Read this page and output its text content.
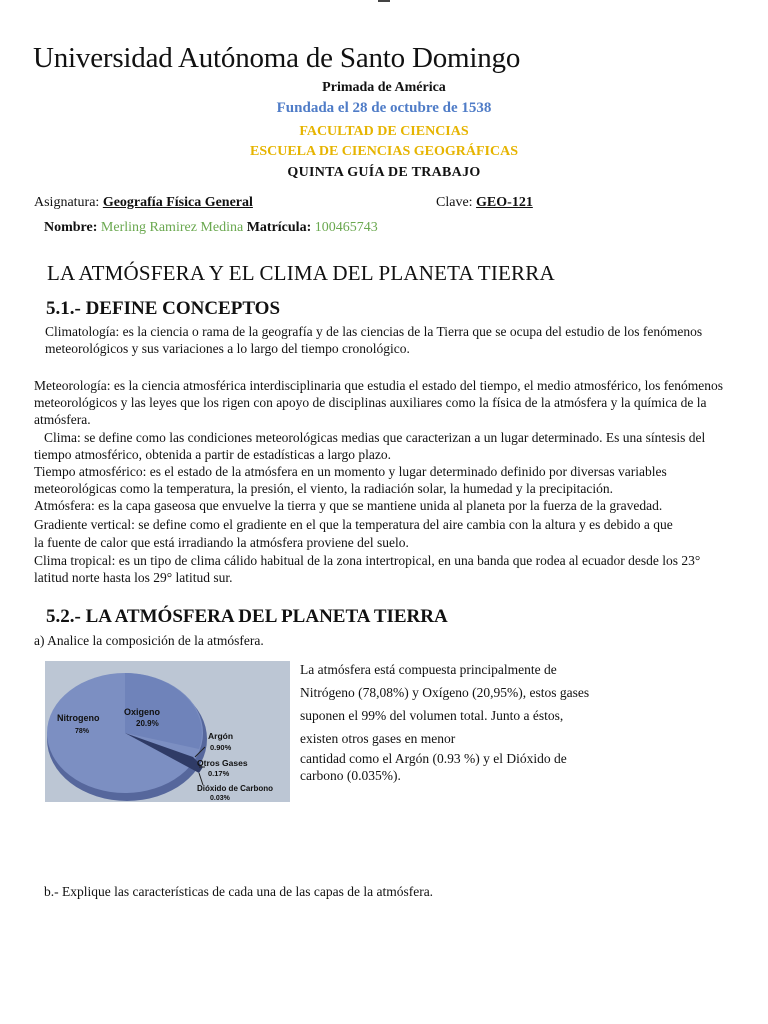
Universidad Autónoma de Santo Domingo
Primada de América
Fundada el 28 de octubre de 1538
FACULTAD DE CIENCIAS
ESCUELA DE CIENCIAS GEOGRÁFICAS
QUINTA GUÍA DE TRABAJO
Asignatura: Geografía Física General	Clave: GEO-121
Nombre: Merling Ramirez Medina Matrícula: 100465743
LA ATMÓSFERA Y EL CLIMA DEL PLANETA TIERRA
5.1.- DEFINE CONCEPTOS
Climatología: es la ciencia o rama de la geografía y de las ciencias de la Tierra que se ocupa del estudio de los fenómenos meteorológicos y sus variaciones a lo largo del tiempo cronológico.
Meteorología: es la ciencia atmosférica interdisciplinaria que estudia el estado del tiempo, el medio atmosférico, los fenómenos meteorológicos y las leyes que los rigen con apoyo de disciplinas auxiliares como la física de la atmósfera y la química de la atmósfera.
Clima: se define como las condiciones meteorológicas medias que caracterizan a un lugar determinado. Es una síntesis del tiempo atmosférico, obtenida a partir de estadísticas a largo plazo.
Tiempo atmosférico: es el estado de la atmósfera en un momento y lugar determinado definido por diversas variables meteorológicas como la temperatura, la presión, el viento, la radiación solar, la humedad y la precipitación.
Atmósfera: es la capa gaseosa que envuelve la tierra y que se mantiene unida al planeta por la fuerza de la gravedad.
Gradiente vertical: se define como el gradiente en el que la temperatura del aire cambia con la altura y es debido a que
la fuente de calor que está irradiando la atmósfera proviene del suelo.
Clima tropical: es un tipo de clima cálido habitual de la zona intertropical, en una banda que rodea al ecuador desde los 23° latitud norte hasta los 29° latitud sur.
5.2.- LA ATMÓSFERA DEL PLANETA TIERRA
a) Analice la composición de la atmósfera.
Nitrogeno
78%
Oxigeno
20.9%
Argón
0.90%
Otros Gases
0.17%
Dióxido de Carbono
0.03%
La atmósfera está compuesta principalmente de
Nitrógeno (78,08%) y Oxígeno (20,95%), estos gases
suponen el 99% del volumen total. Junto a éstos,
existen otros gases en menor
cantidad como el Argón (0.93 %) y el Dióxido de
carbono (0.035%).
b.- Explique las características de cada una de las capas de la atmósfera.
